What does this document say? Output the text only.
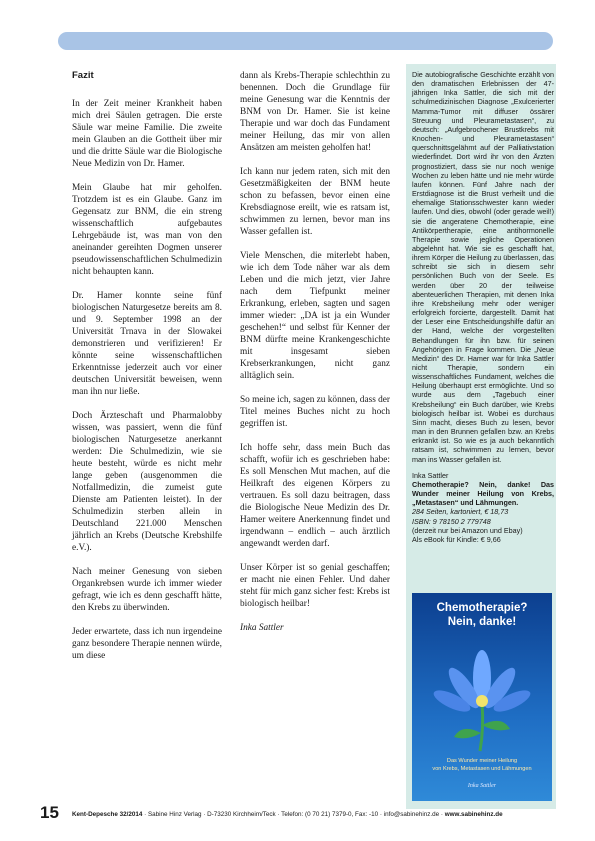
Fazit

In der Zeit meiner Krankheit haben mich drei Säulen getragen. Die erste Säule war meine Familie. Die zweite mein Glauben an die Gottheit über mir und die dritte Säule war die Biologische Neue Medizin von Dr. Hamer.

Mein Glaube hat mir geholfen. Trotzdem ist es ein Glaube. Ganz im Gegensatz zur BNM, die ein streng wissenschaftlich aufgebautes Lehrgebäude ist, was man von den aneinander gereihten Dogmen unserer pseudowissenschaftlichen Schulmedizin nicht behaupten kann.

Dr. Hamer konnte seine fünf biologischen Naturgesetze bereits am 8. und 9. September 1998 an der Universität Trnava in der Slowakei demonstrieren und verifizieren! Er könnte seine wissenschaftlichen Erkenntnisse jederzeit auch vor einer deutschen Universität beweisen, wenn man ihn nur ließe.

Doch Ärzteschaft und Pharmalobby wissen, was passiert, wenn die fünf biologischen Naturgesetze anerkannt werden: Die Schulmedizin, wie sie heute besteht, würde es nicht mehr lange geben (ausgenommen die Notfallmedizin, die zumeist gute Dienste am Patienten leistet). In der Schulmedizin sterben allein in Deutschland 221.000 Menschen jährlich an Krebs (Deutsche Krebshilfe e.V.).

Nach meiner Genesung von sieben Organkrebsen wurde ich immer wieder gefragt, wie ich es denn geschafft hätte, den Krebs zu überwinden.

Jeder erwartete, dass ich nun irgendeine ganz besondere Therapie nennen würde, um diese

dann als Krebs-Therapie schlechthin zu benennen. Doch die Grundlage für meine Genesung war die Kenntnis der BNM von Dr. Hamer. Sie ist keine Therapie und war doch das Fundament meiner Heilung, das mir von allen Ansätzen am meisten geholfen hat!

Ich kann nur jedem raten, sich mit den Gesetzmäßigkeiten der BNM heute schon zu befassen, bevor einen eine Krebsdiagnose ereilt, wie es ratsam ist, schwimmen zu lernen, bevor man ins Wasser gefallen ist.

Viele Menschen, die miterlebt haben, wie ich dem Tode näher war als dem Leben und die mich jetzt, vier Jahre nach dem Tiefpunkt meiner Erkrankung, erleben, sagten und sagen immer wieder: „DA ist ja ein Wunder geschehen!“ und selbst für Kenner der BNM dürfte meine Krankengeschichte mit insgesamt sieben Krebserkrankungen, nicht ganz alltäglich sein.

So meine ich, sagen zu können, dass der Titel meines Buches nicht zu hoch gegriffen ist.

Ich hoffe sehr, dass mein Buch das schafft, wofür ich es geschrieben habe: Es soll Menschen Mut machen, auf die Heilkraft des eigenen Körpers zu vertrauen. Es soll dazu beitragen, dass die Biologische Neue Medizin des Dr. Hamer weitere Anerkennung findet und irgendwann – endlich – auch ärztlich angewandt werden darf.

Unser Körper ist so genial geschaffen; er macht nie einen Fehler. Und daher steht für mich ganz sicher fest: Krebs ist biologisch heilbar!

Inka Sattler

Die autobiografische Geschichte erzählt von den dramatischen Erlebnissen der 47-jährigen Inka Sattler, die sich mit der schulmedizinischen Diagnose „Exulcerierter Mamma-Tumor mit diffuser össärer Streuung und Pleurametastasen“, zu deutsch: „Aufgebrochener Brustkrebs mit Knochen- und Pleurametastasen“ querschnittsgelähmt auf der Palliativstation wiederfindet. Dort wird ihr von den Ärzten prognostiziert, dass sie nur noch wenige Wochen zu leben hätte und nie mehr würde laufen können. Fünf Jahre nach der Erstdiagnose ist die Brust verheilt und die ehemalige Stationsschwester kann wieder laufen. Und dies, obwohl (oder gerade weil!) sie die angeratene Chemotherapie, eine Antikörpertherapie, eine antihormonelle Therapie sowie jegliche Operationen abgelehnt hat. Wie sie es geschafft hat, ihrem Körper die Heilung zu überlassen, das schreibt sie sich in diesem sehr persönlichen Buch von der Seele. Es werden über 20 der teilweise abenteuerlichen Therapien, mit denen Inka ihre Krebsheilung mehr oder weniger erfolgreich forcierte, dargestellt. Damit hat der Leser eine Entscheidungshilfe dafür an der Hand, welche der vorgestellten Behandlungen für ihn bzw. für seinen Angehörigen in Frage kommen. Die „Neue Medizin“ des Dr. Hamer war für Inka Sattler nicht Therapie, sondern ein wissenschaftliches Fundament, welches die Heilung überhaupt erst ermöglichte. Und so wurde aus dem „Tagebuch einer Krebsheilung“ ein Buch darüber, wie Krebs biologisch heilbar ist. Wobei es durchaus Sinn macht, dieses Buch zu lesen, bevor man in den Brunnen gefallen bzw. an Krebs erkrankt ist. So wie es ja auch bekanntlich ratsam ist, schwimmen zu lernen, bevor man ins Wasser gefallen ist.

Inka Sattler

Chemotherapie? Nein, danke! Das Wunder meiner Heilung von Krebs, „Metastasen“ und Lähmungen.

284 Seiten, kartoniert, € 18,73

ISBN: 9 78150 2 779748

(derzeit nur bei Amazon und Ebay)

Als eBook für Kindle: € 9,66

Chemotherapie?
Nein, danke!
Das Wunder meiner Heilung
von Krebs, Metastasen und Lähmungen
Inka Sattler
15 Kent-Depesche 32/2014 · Sabine Hinz Verlag · D-73230 Kirchheim/Teck · Telefon: (0 70 21) 7379-0, Fax: -10 · info@sabinehinz.de · www.sabinehinz.de
